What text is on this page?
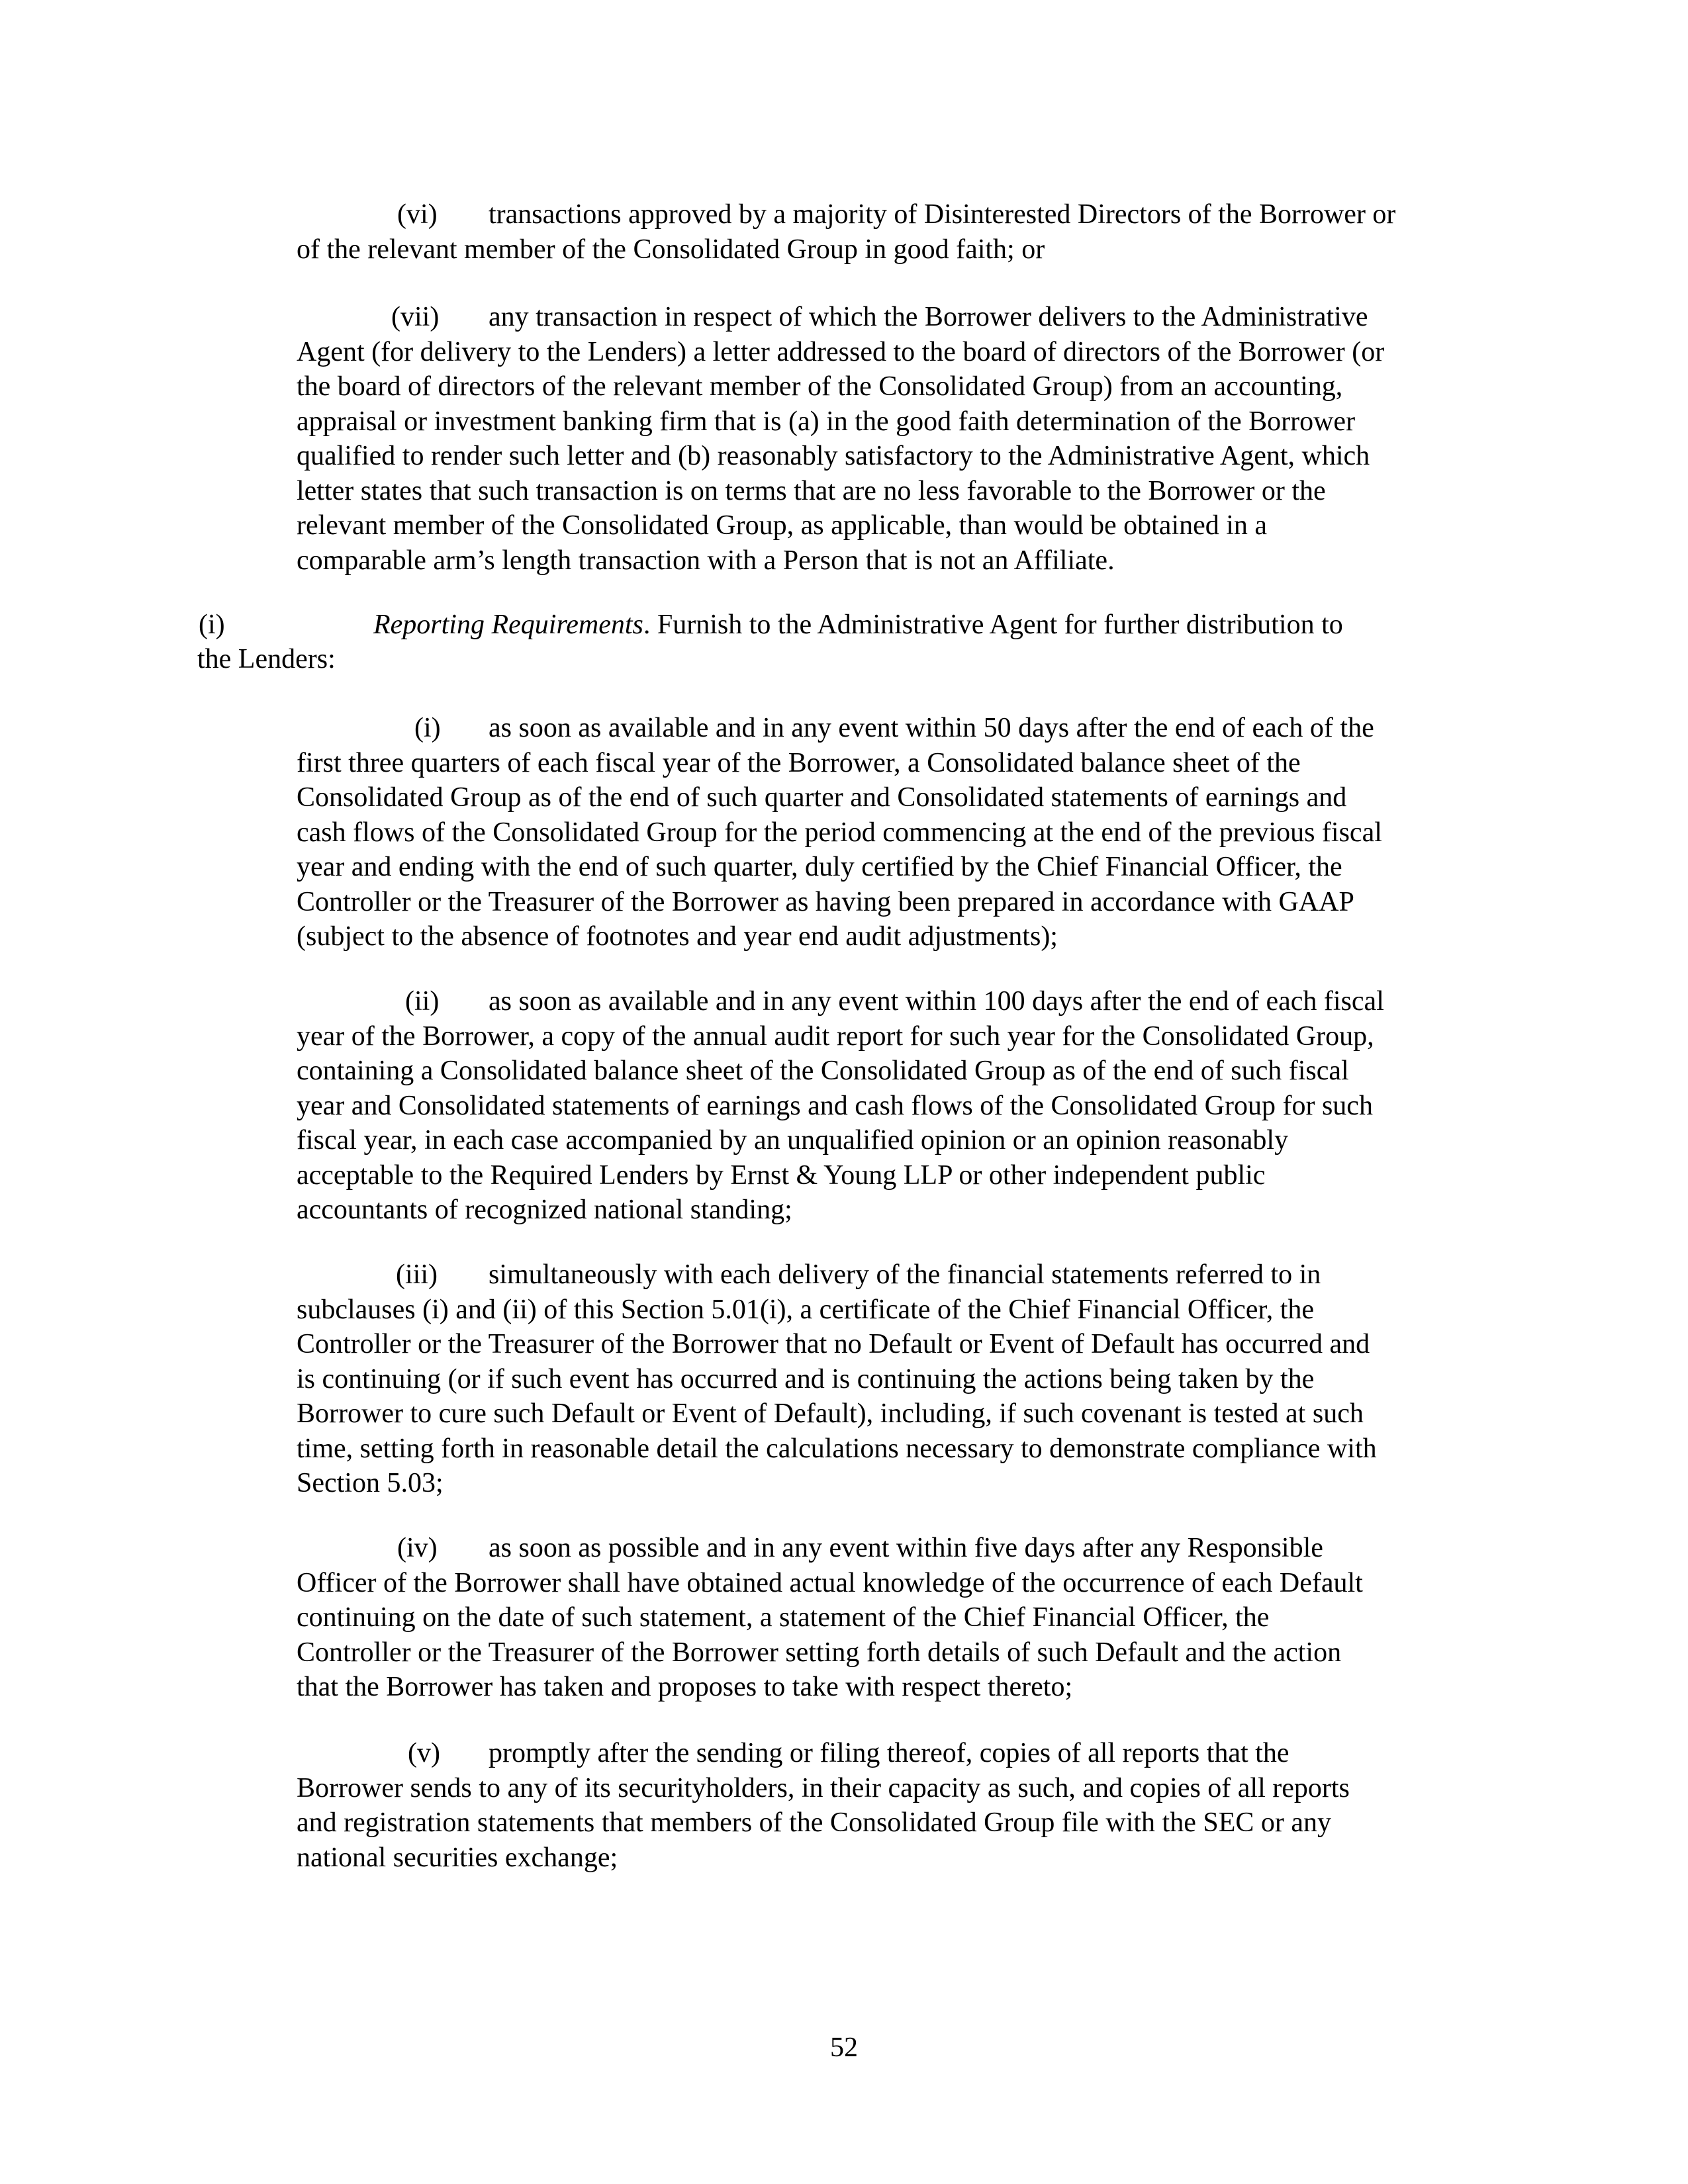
(vi) transactions approved by a majority of Disinterested Directors of the Borrower or
of the relevant member of the Consolidated Group in good faith; or
(vii) any transaction in respect of which the Borrower delivers to the Administrative
Agent (for delivery to the Lenders) a letter addressed to the board of directors of the Borrower (or
the board of directors of the relevant member of the Consolidated Group) from an accounting,
appraisal or investment banking firm that is (a) in the good faith determination of the Borrower
qualified to render such letter and (b) reasonably satisfactory to the Administrative Agent, which
letter states that such transaction is on terms that are no less favorable to the Borrower or the
relevant member of the Consolidated Group, as applicable, than would be obtained in a
comparable arm’s length transaction with a Person that is not an Affiliate.
(i)	Reporting Requirements. Furnish to the Administrative Agent for further distribution to
the Lenders:
(i) as soon as available and in any event within 50 days after the end of each of the
first three quarters of each fiscal year of the Borrower, a Consolidated balance sheet of the
Consolidated Group as of the end of such quarter and Consolidated statements of earnings and
cash flows of the Consolidated Group for the period commencing at the end of the previous fiscal
year and ending with the end of such quarter, duly certified by the Chief Financial Officer, the
Controller or the Treasurer of the Borrower as having been prepared in accordance with GAAP
(subject to the absence of footnotes and year end audit adjustments);
(ii) as soon as available and in any event within 100 days after the end of each fiscal
year of the Borrower, a copy of the annual audit report for such year for the Consolidated Group,
containing a Consolidated balance sheet of the Consolidated Group as of the end of such fiscal
year and Consolidated statements of earnings and cash flows of the Consolidated Group for such
fiscal year, in each case accompanied by an unqualified opinion or an opinion reasonably
acceptable to the Required Lenders by Ernst & Young LLP or other independent public
accountants of recognized national standing;
(iii) simultaneously with each delivery of the financial statements referred to in
subclauses (i) and (ii) of this Section 5.01(i), a certificate of the Chief Financial Officer, the
Controller or the Treasurer of the Borrower that no Default or Event of Default has occurred and
is continuing (or if such event has occurred and is continuing the actions being taken by the
Borrower to cure such Default or Event of Default), including, if such covenant is tested at such
time, setting forth in reasonable detail the calculations necessary to demonstrate compliance with
Section 5.03;
(iv) as soon as possible and in any event within five days after any Responsible
Officer of the Borrower shall have obtained actual knowledge of the occurrence of each Default
continuing on the date of such statement, a statement of the Chief Financial Officer, the
Controller or the Treasurer of the Borrower setting forth details of such Default and the action
that the Borrower has taken and proposes to take with respect thereto;
(v) promptly after the sending or filing thereof, copies of all reports that the
Borrower sends to any of its securityholders, in their capacity as such, and copies of all reports
and registration statements that members of the Consolidated Group file with the SEC or any
national securities exchange;
52
